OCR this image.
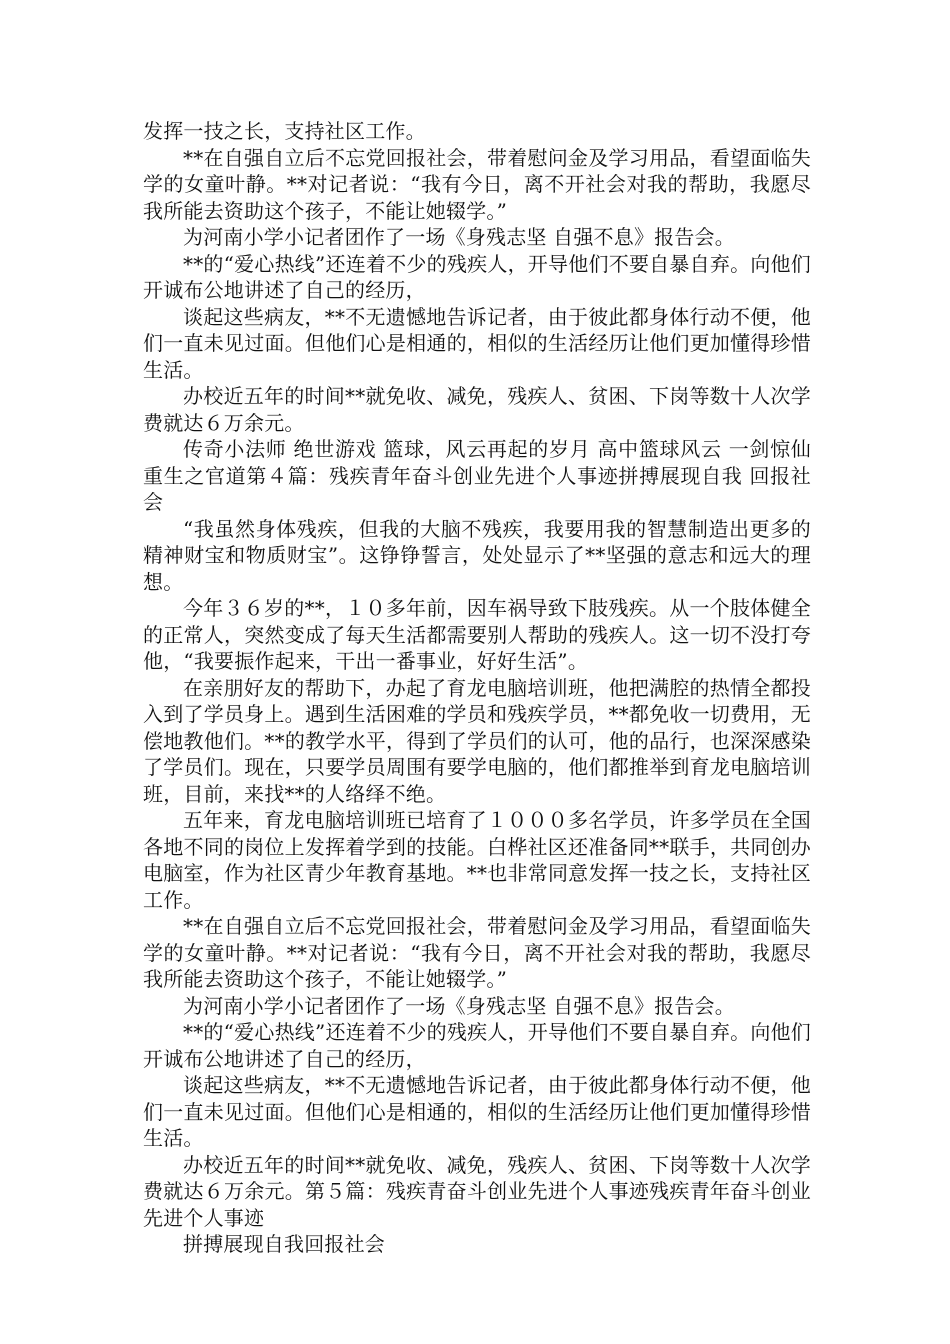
发挥一技之长，支持社区工作。

**在自强自立后不忘党回报社会，带着慰问金及学习用品，看望面临失学的女童叶静。**对记者说：“我有今日，离不开社会对我的帮助，我愿尽我所能去资助这个孩子，不能让她辍学。”

为河南小学小记者团作了一场《身残志坚 自强不息》报告会。

**的“爱心热线”还连着不少的残疾人，开导他们不要自暴自弃。向他们开诚布公地讲述了自己的经历，

谈起这些病友，**不无遗憾地告诉记者，由于彼此都身体行动不便，他们一直未见过面。但他们心是相通的，相似的生活经历让他们更加懂得珍惜生活。

办校近五年的时间**就免收、减免，残疾人、贫困、下岗等数十人次学费就达６万余元。

传奇小法师 绝世游戏 篮球，风云再起的岁月 高中篮球风云 一剑惊仙 重生之官道第４篇：残疾青年奋斗创业先进个人事迹拼搏展现自我 回报社会

“我虽然身体残疾，但我的大脑不残疾，我要用我的智慧制造出更多的精神财宝和物质财宝”。这铮铮誓言，处处显示了**坚强的意志和远大的理想。

今年３６岁的**，１０多年前，因车祸导致下肢残疾。从一个肢体健全的正常人，突然变成了每天生活都需要别人帮助的残疾人。这一切不没打夸他，“我要振作起来，干出一番事业，好好生活”。

在亲朋好友的帮助下，办起了育龙电脑培训班，他把满腔的热情全都投入到了学员身上。遇到生活困难的学员和残疾学员，**都免收一切费用，无偿地教他们。**的教学水平，得到了学员们的认可，他的品行，也深深感染了学员们。现在，只要学员周围有要学电脑的，他们都推举到育龙电脑培训班，目前，来找**的人络绎不绝。

五年来，育龙电脑培训班已培育了１０００多名学员，许多学员在全国各地不同的岗位上发挥着学到的技能。白桦社区还准备同**联手，共同创办电脑室，作为社区青少年教育基地。**也非常同意发挥一技之长，支持社区工作。

**在自强自立后不忘党回报社会，带着慰问金及学习用品，看望面临失学的女童叶静。**对记者说：“我有今日，离不开社会对我的帮助，我愿尽我所能去资助这个孩子，不能让她辍学。”

为河南小学小记者团作了一场《身残志坚 自强不息》报告会。

**的“爱心热线”还连着不少的残疾人，开导他们不要自暴自弃。向他们开诚布公地讲述了自己的经历，

谈起这些病友，**不无遗憾地告诉记者，由于彼此都身体行动不便，他们一直未见过面。但他们心是相通的，相似的生活经历让他们更加懂得珍惜生活。

办校近五年的时间**就免收、减免，残疾人、贫困、下岗等数十人次学费就达６万余元。第５篇：残疾青奋斗创业先进个人事迹残疾青年奋斗创业先进个人事迹

拼搏展现自我回报社会
